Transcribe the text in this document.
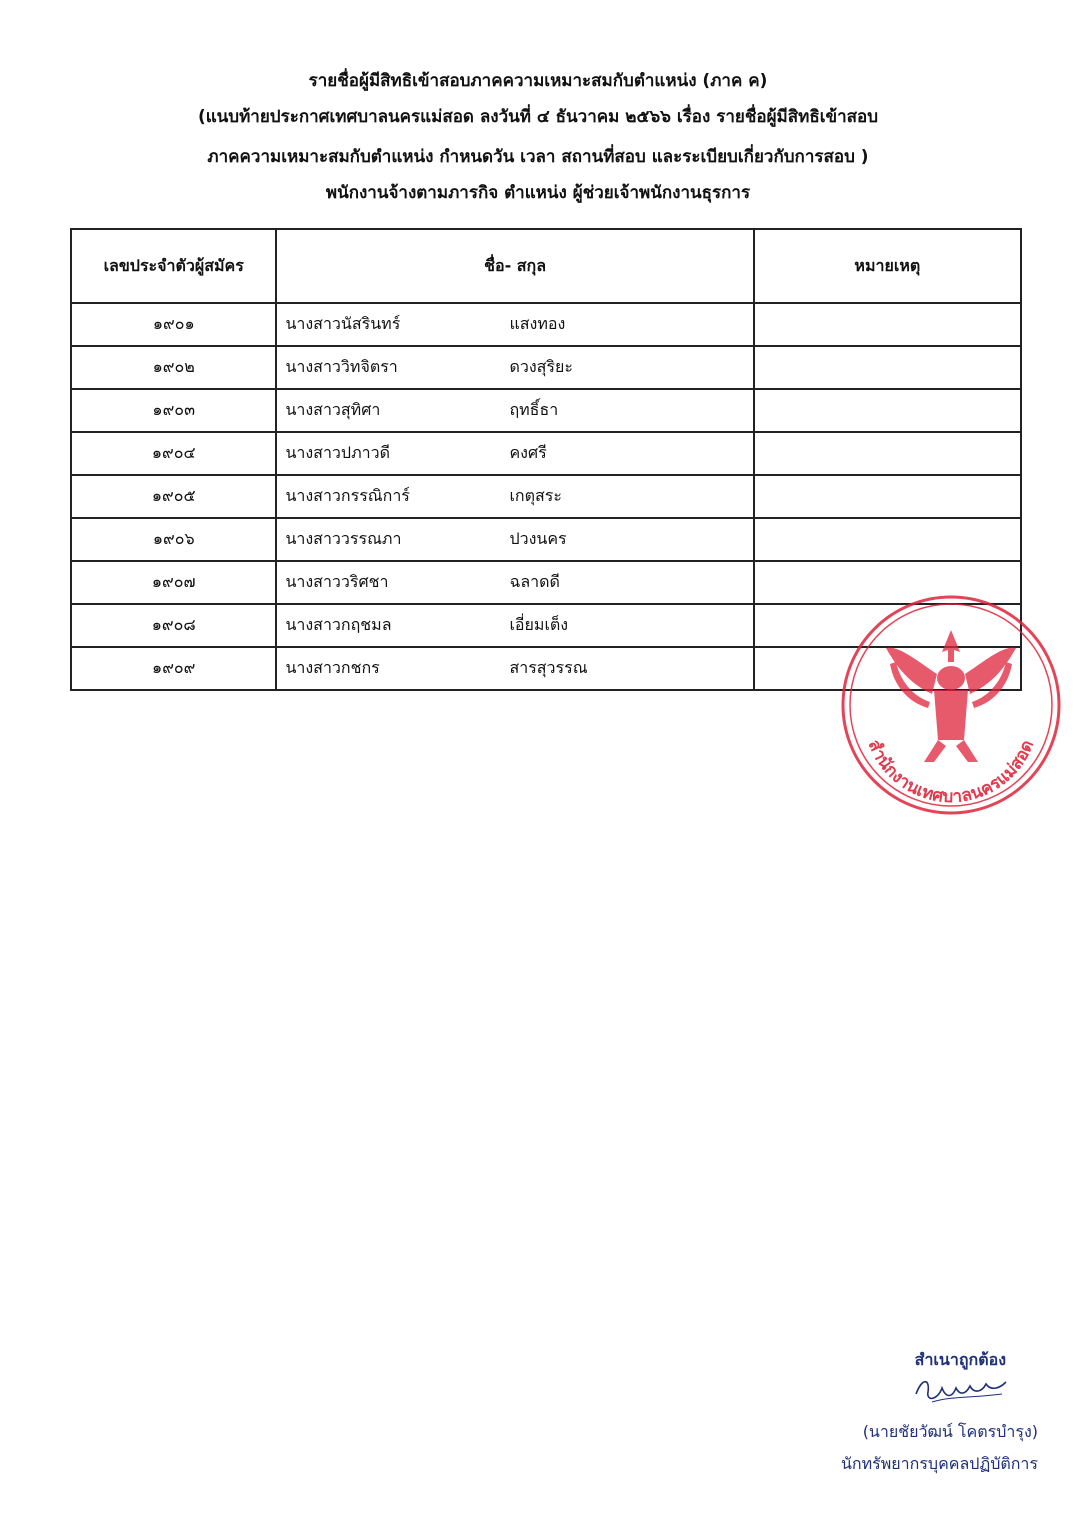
รายชื่อผู้มีสิทธิเข้าสอบภาคความเหมาะสมกับตำแหน่ง (ภาค ค)
(แนบท้ายประกาศเทศบาลนครแม่สอด ลงวันที่ ๔ ธันวาคม ๒๕๖๖ เรื่อง รายชื่อผู้มีสิทธิเข้าสอบ
ภาคความเหมาะสมกับตำแหน่ง กำหนดวัน เวลา สถานที่สอบ และระเบียบเกี่ยวกับการสอบ )
พนักงานจ้างตามภารกิจ ตำแหน่ง ผู้ช่วยเจ้าพนักงานธุรการ
เลขประจำตัวผู้สมัคร	ชื่อ- สกุล	หมายเหตุ
๑๙๐๑	นางสาวนัสรินทร์ แสงทอง	

๑๙๐๒	นางสาววิทจิตรา ดวงสุริยะ	

๑๙๐๓	นางสาวสุทิศา ฤทธิ์ธา	

๑๙๐๔	นางสาวปภาวดี คงศรี	

๑๙๐๕	นางสาวกรรณิการ์ เกตุสระ	

๑๙๐๖	นางสาววรรณภา ปวงนคร	

๑๙๐๗	นางสาววริศชา ฉลาดดี	

๑๙๐๘	นางสาวกฤชมล เอี่ยมเต็ง	

๑๙๐๙	นางสาวกชกร สารสุวรรณ	

สำนักงานเทศบาลนครแม่สอด
สำเนาถูกต้อง
(นายชัยวัฒน์ โคตรบำรุง)
นักทรัพยากรบุคคลปฏิบัติการ
